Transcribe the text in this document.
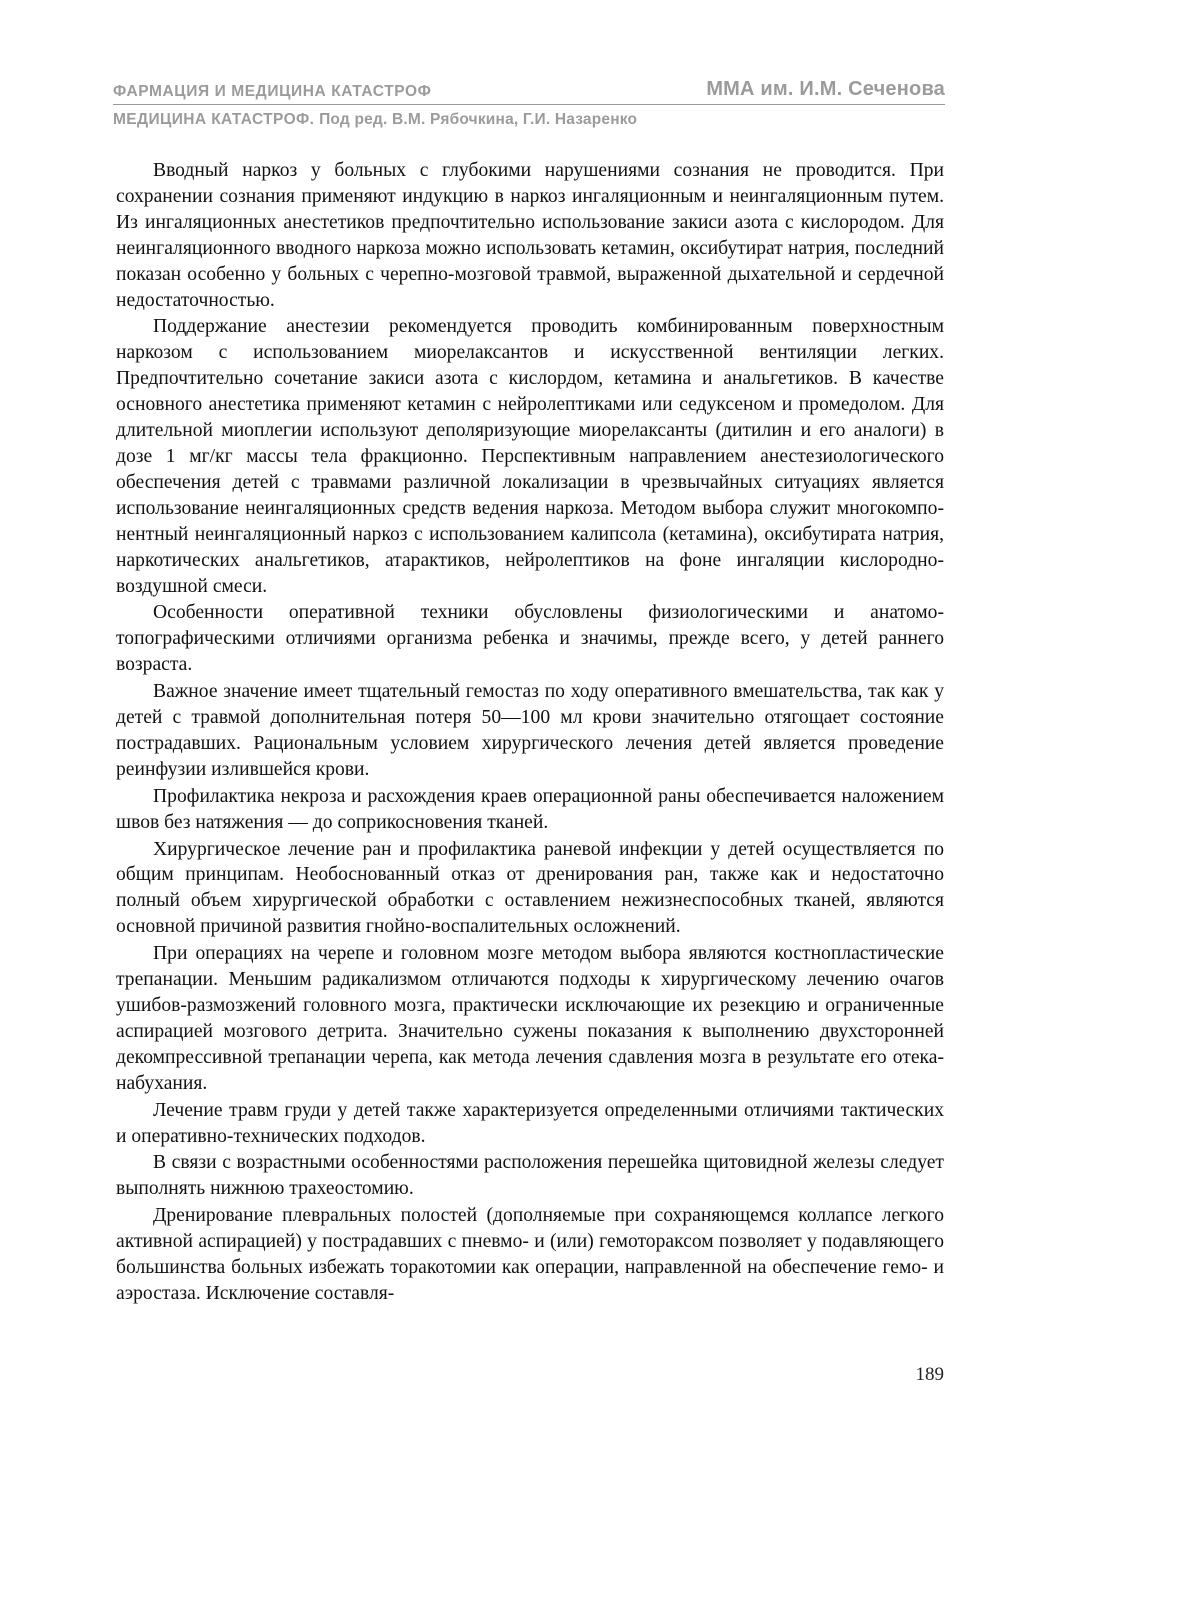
ФАРМАЦИЯ И МЕДИЦИНА КАТАСТРОФ	ММА им. И.М. Сеченова
МЕДИЦИНА КАТАСТРОФ. Под ред. В.М. Рябочкина, Г.И. Назаренко

Вводный наркоз у больных с глубокими нарушениями сознания не проводится. При сохранении сознания применяют индукцию в наркоз ингаляционным и неингаляционным путем. Из ингаляционных анестетиков предпочтительно использование закиси азота с кислородом. Для неингаляционного вводного наркоза можно использовать кетамин, оксибутират натрия, последний показан особенно у больных с черепно-мозговой травмой, выраженной дыхательной и сердечной недостаточностью.

Поддержание анестезии рекомендуется проводить комбинированным поверхностным наркозом с использованием миорелаксантов и искусственной вентиляции легких. Предпочтительно сочетание закиси азота с кислордом, кетамина и анальгетиков. В качестве основного анестетика применяют кетамин с нейролептиками или седуксеном и промедолом. Для длительной миоплегии используют деполяризующие миорелаксанты (дитилин и его аналоги) в дозе 1 мг/кг массы тела фракционно. Перспективным направлением анестезиологического обеспечения детей с травмами различной локализации в чрезвычайных ситуациях является использование неингаляционных средств ведения наркоза. Методом выбора служит многокомпонентный неингаляционный наркоз с использованием калипсола (кетамина), оксибутирата натрия, наркотических анальгетиков, атарактиков, нейролептиков на фоне ингаляции кислородно-воздушной смеси.

Особенности оперативной техники обусловлены физиологическими и анатомотопографическими отличиями организма ребенка и значимы, прежде всего, у детей раннего возраста.

Важное значение имеет тщательный гемостаз по ходу оперативного вмешательства, так как у детей с травмой дополнительная потеря 50—100 мл крови значительно отягощает состояние пострадавших. Рациональным условием хирургического лечения детей является проведение реинфузии излившейся крови.

Профилактика некроза и расхождения краев операционной раны обеспечивается наложением швов без натяжения — до соприкосновения тканей.

Хирургическое лечение ран и профилактика раневой инфекции у детей осуществляется по общим принципам. Необоснованный отказ от дренирования ран, также как и недостаточно полный объем хирургической обработки с оставлением нежизнеспособных тканей, являются основной причиной развития гнойно-воспалительных осложнений.

При операциях на черепе и головном мозге методом выбора являются костнопластические трепанации. Меньшим радикализмом отличаются подходы к хирургическому лечению очагов ушибов-размозжений головного мозга, практически исключающие их резекцию и ограниченные аспирацией мозгового детрита. Значительно сужены показания к выполнению двухсторонней декомпрессивной трепанации черепа, как метода лечения сдавления мозга в результате его отека-набухания.

Лечение травм груди у детей также характеризуется определенными отличиями тактических и оперативно-технических подходов.

В связи с возрастными особенностями расположения перешейка щитовидной железы следует выполнять нижнюю трахеостомию.

Дренирование плевральных полостей (дополняемые при сохраняющемся коллапсе легкого активной аспирацией) у пострадавших с пневмо- и (или) гемотораксом позволяет у подавляющего большинства больных избежать торакотомии как операции, направленной на обеспечение гемо- и аэростаза. Исключение составля-

189
